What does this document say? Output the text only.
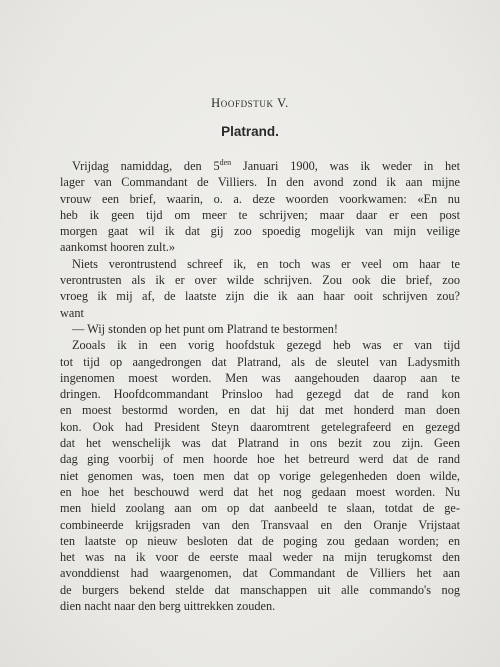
Hoofdstuk V.
Platrand.
Vrijdag namiddag, den $5^{den}$ Januari 1900, was ik weder in het
lager van Commandant de Villiers. In den avond zond ik aan mijne
vrouw een brief, waarin, o. a. deze woorden voorkwamen: «En nu
heb ik geen tijd om meer te schrijven; maar daar er een post
morgen gaat wil ik dat gij zoo spoedig mogelijk van mijn veilige
aankomst hooren zult.»
Niets verontrustend schreef ik, en toch was er veel om haar te
verontrusten als ik er over wilde schrijven. Zou ook die brief, zoo
vroeg ik mij af, de laatste zijn die ik aan haar ooit schrijven zou?
want
— Wij stonden op het punt om Platrand te bestormen!
Zooals ik in een vorig hoofdstuk gezegd heb was er van tijd
tot tijd op aangedrongen dat Platrand, als de sleutel van Ladysmith
ingenomen moest worden. Men was aangehouden daarop aan te
dringen. Hoofdcommandant Prinsloo had gezegd dat de rand kon
en moest bestormd worden, en dat hij dat met honderd man doen
kon. Ook had President Steyn daaromtrent getelegrafeerd en gezegd
dat het wenschelijk was dat Platrand in ons bezit zou zijn. Geen
dag ging voorbij of men hoorde hoe het betreurd werd dat de rand
niet genomen was, toen men dat op vorige gelegenheden doen wilde,
en hoe het beschouwd werd dat het nog gedaan moest worden. Nu
men hield zoolang aan om op dat aanbeeld te slaan, totdat de ge-
combineerde krijgsraden van den Transvaal en den Oranje Vrijstaat
ten laatste op nieuw besloten dat de poging zou gedaan worden; en
het was na ik voor de eerste maal weder na mijn terugkomst den
avonddienst had waargenomen, dat Commandant de Villiers het aan
de burgers bekend stelde dat manschappen uit alle commando's nog
dien nacht naar den berg uittrekken zouden.
